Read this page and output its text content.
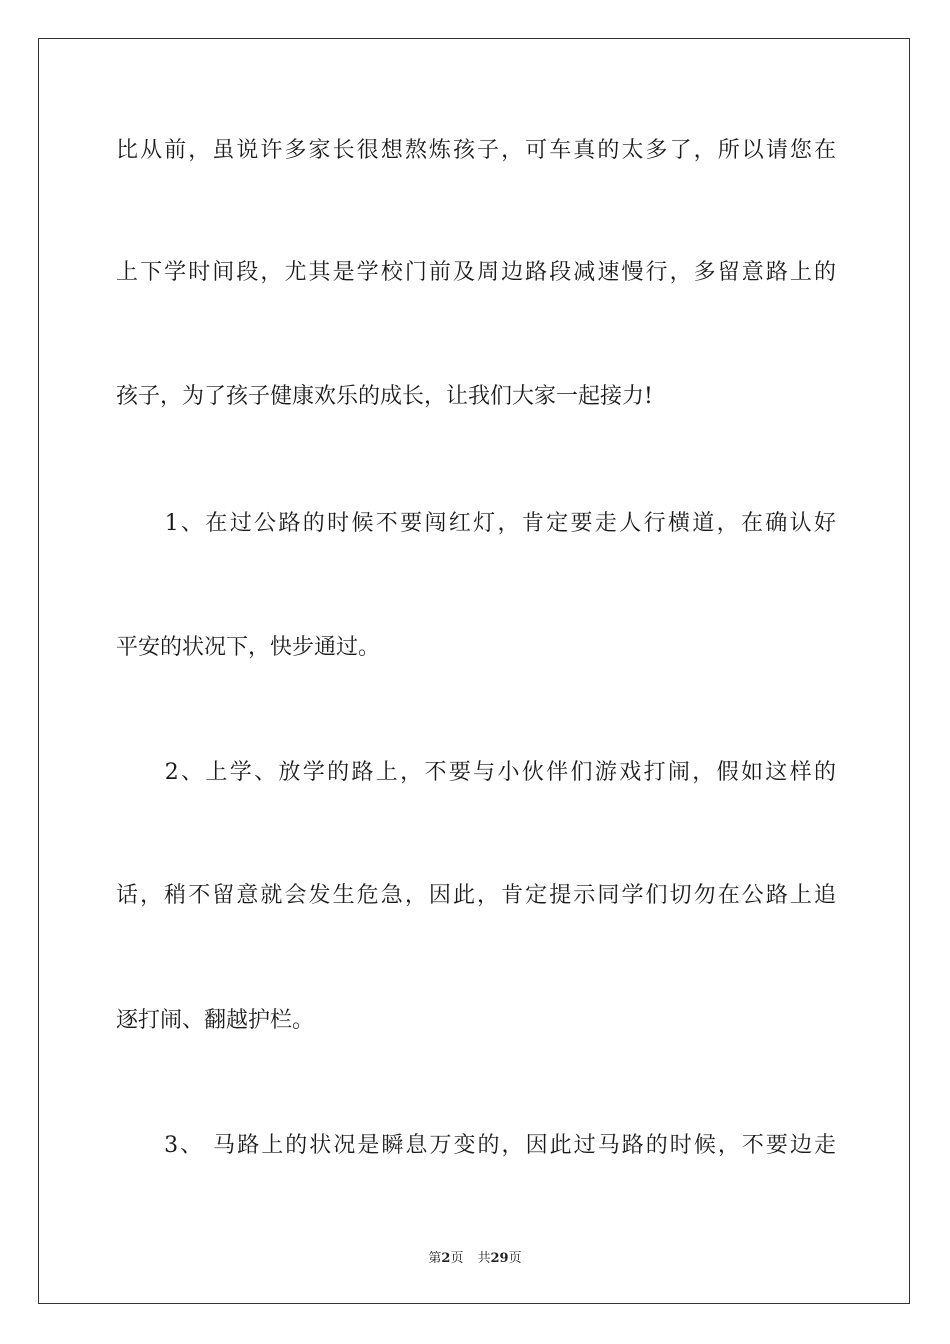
比从前，虽说许多家长很想熬炼孩子，可车真的太多了，所以请您在

上下学时间段，尤其是学校门前及周边路段减速慢行，多留意路上的

孩子，为了孩子健康欢乐的成长，让我们大家一起接力!

　　1、在过公路的时候不要闯红灯，肯定要走人行横道，在确认好

平安的状况下，快步通过。

　　2、上学、放学的路上，不要与小伙伴们游戏打闹，假如这样的

话，稍不留意就会发生危急，因此，肯定提示同学们切勿在公路上追

逐打闹、翻越护栏。

　　3、 马路上的状况是瞬息万变的，因此过马路的时候，不要边走

第2页 共29页
